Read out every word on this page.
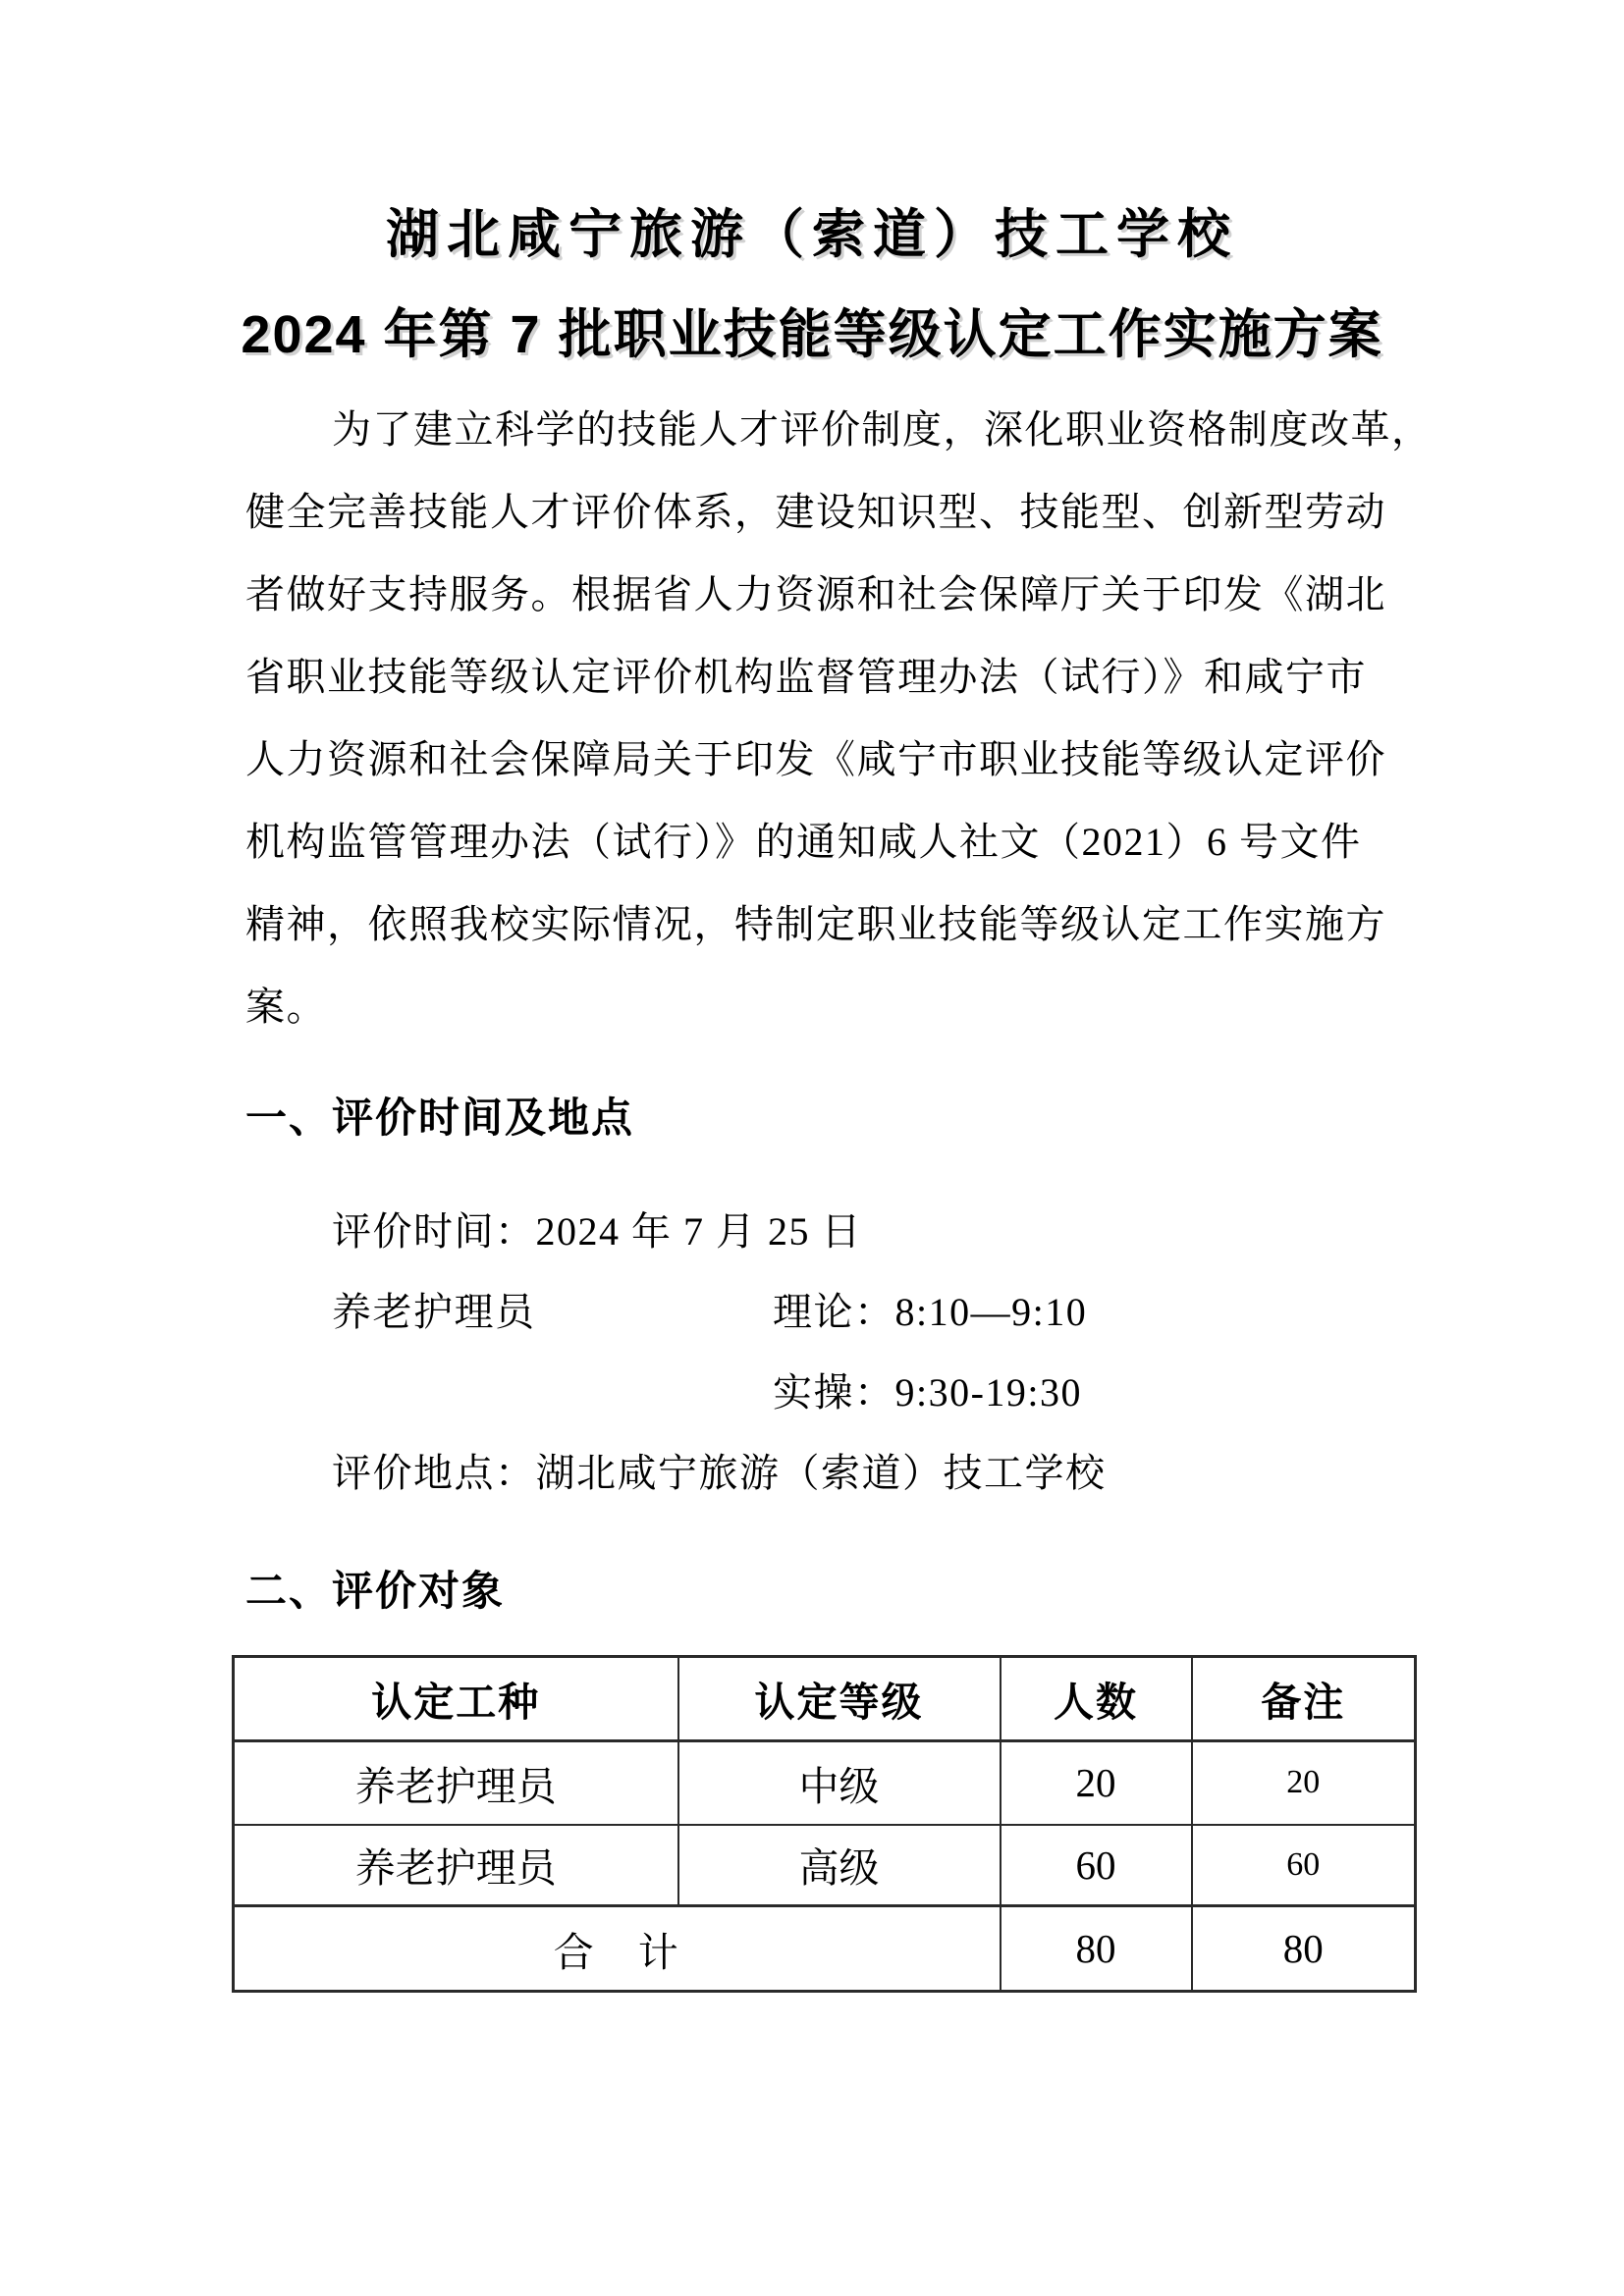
湖北咸宁旅游（索道）技工学校
2024 年第 7 批职业技能等级认定工作实施方案
为了建立科学的技能人才评价制度，深化职业资格制度改革，
健全完善技能人才评价体系，建设知识型、技能型、创新型劳动
者做好支持服务。根据省人力资源和社会保障厅关于印发《湖北
省职业技能等级认定评价机构监督管理办法（试行）》和咸宁市
人力资源和社会保障局关于印发《咸宁市职业技能等级认定评价
机构监管管理办法（试行）》的通知咸人社文（2021）6 号文件
精神，依照我校实际情况，特制定职业技能等级认定工作实施方
案。
一、评价时间及地点
评价时间：2024 年 7 月 25 日
养老护理员	理论：8:10—9:10
实操：9:30-19:30
评价地点：湖北咸宁旅游（索道）技工学校
二、评价对象
认定工种	认定等级	人数	备注
养老护理员	中级	20	20
养老护理员	高级	60	60
合　计		80	80
